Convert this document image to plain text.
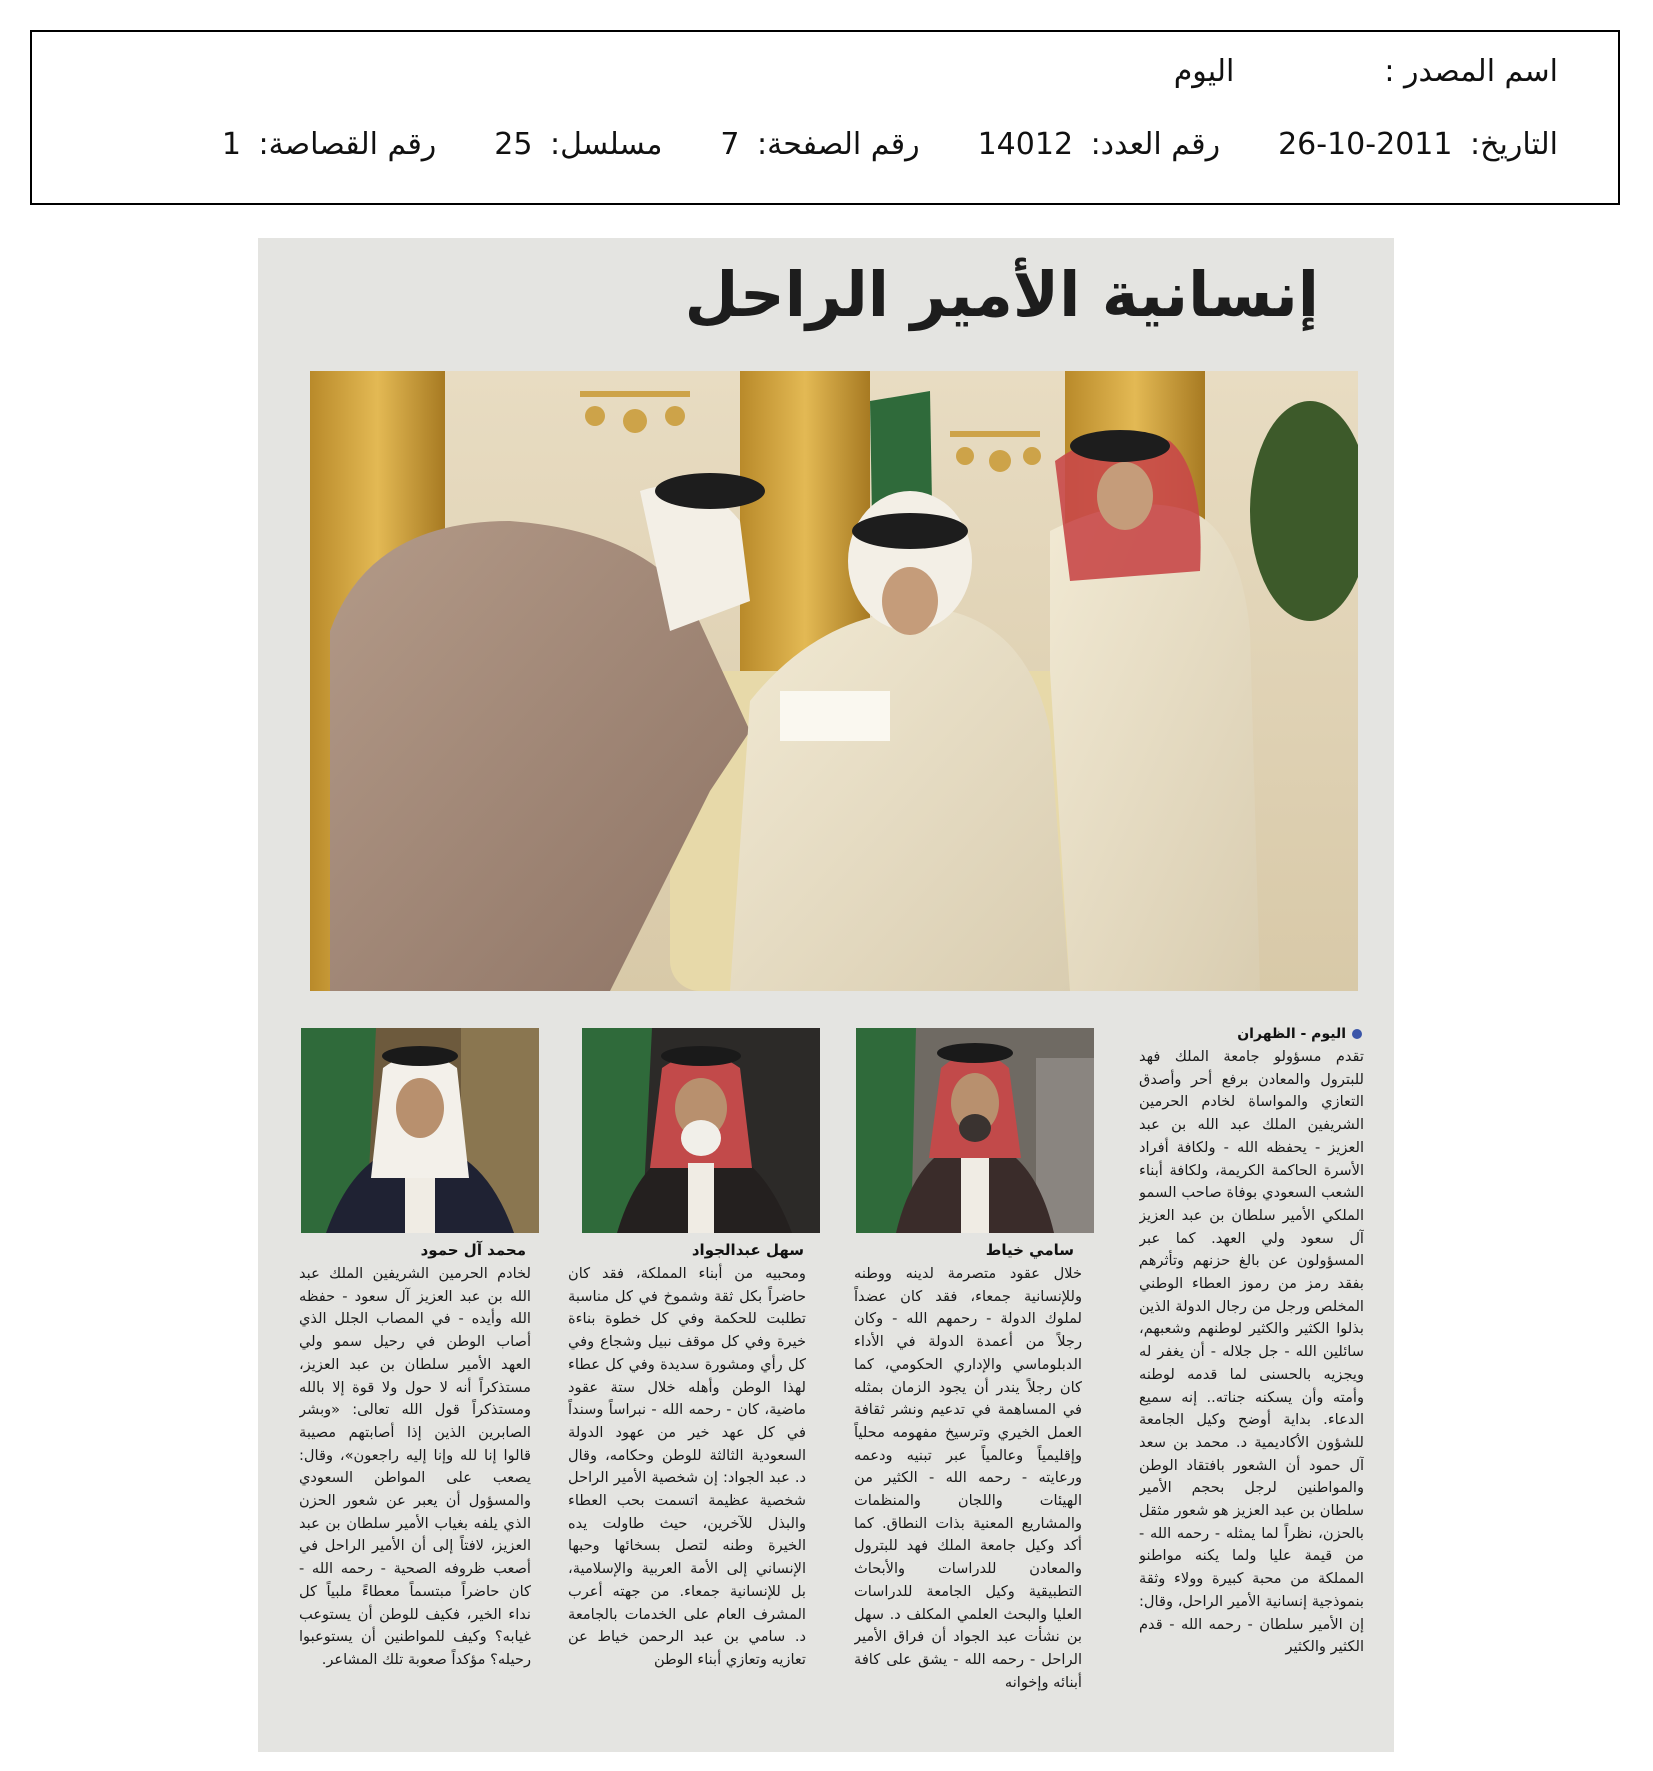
اسم المصدر :
اليوم
التاريخ: 2011-10-26
رقم العدد: 14012
رقم الصفحة: 7
مسلسل: 25
رقم القصاصة: 1
إنسانية الأمير الراحل
سامي خياط
سهل عبدالجواد
محمد آل حمود
اليوم - الظهران

تقدم مسؤولو جامعة الملك فهد للبترول والمعادن برفع أحر وأصدق التعازي والمواساة لخادم الحرمين الشريفين الملك عبد الله بن عبد العزيز - يحفظه الله - ولكافة أفراد الأسرة الحاكمة الكريمة، ولكافة أبناء الشعب السعودي بوفاة صاحب السمو الملكي الأمير سلطان بن عبد العزيز آل سعود ولي العهد. كما عبر المسؤولون عن بالغ حزنهم وتأثرهم بفقد رمز من رموز العطاء الوطني المخلص ورجل من رجال الدولة الذين بذلوا الكثير والكثير لوطنهم وشعبهم، سائلين الله - جل جلاله - أن يغفر له ويجزيه بالحسنى لما قدمه لوطنه وأمته وأن يسكنه جناته.. إنه سميع الدعاء. بداية أوضح وكيل الجامعة للشؤون الأكاديمية د. محمد بن سعد آل حمود أن الشعور بافتقاد الوطن والمواطنين لرجل بحجم الأمير سلطان بن عبد العزيز هو شعور مثقل بالحزن، نظراً لما يمثله - رحمه الله - من قيمة عليا ولما يكنه مواطنو المملكة من محبة كبيرة وولاء وثقة بنموذجية إنسانية الأمير الراحل، وقال: إن الأمير سلطان - رحمه الله - قدم الكثير والكثير

خلال عقود متصرمة لدينه ووطنه وللإنسانية جمعاء، فقد كان عضداً لملوك الدولة - رحمهم الله - وكان رجلاً من أعمدة الدولة في الأداء الدبلوماسي والإداري الحكومي، كما كان رجلاً يندر أن يجود الزمان بمثله في المساهمة في تدعيم ونشر ثقافة العمل الخيري وترسيخ مفهومه محلياً وإقليمياً وعالمياً عبر تبنيه ودعمه ورعايته - رحمه الله - الكثير من الهيئات واللجان والمنظمات والمشاريع المعنية بذات النطاق. كما أكد وكيل جامعة الملك فهد للبترول والمعادن للدراسات والأبحاث التطبيقية وكيل الجامعة للدراسات العليا والبحث العلمي المكلف د. سهل بن نشأت عبد الجواد أن فراق الأمير الراحل - رحمه الله - يشق على كافة أبنائه وإخوانه

ومحبيه من أبناء المملكة، فقد كان حاضراً بكل ثقة وشموخ في كل مناسبة تطلبت للحكمة وفي كل خطوة بناءة خيرة وفي كل موقف نبيل وشجاع وفي كل رأي ومشورة سديدة وفي كل عطاء لهذا الوطن وأهله خلال ستة عقود ماضية، كان - رحمه الله - نبراساً وسنداً في كل عهد خير من عهود الدولة السعودية الثالثة للوطن وحكامه، وقال د. عبد الجواد: إن شخصية الأمير الراحل شخصية عظيمة اتسمت بحب العطاء والبذل للآخرين، حيث طاولت يده الخيرة وطنه لتصل بسخائها وحبها الإنساني إلى الأمة العربية والإسلامية، بل للإنسانية جمعاء. من جهته أعرب المشرف العام على الخدمات بالجامعة د. سامي بن عبد الرحمن خياط عن تعازيه وتعازي أبناء الوطن

لخادم الحرمين الشريفين الملك عبد الله بن عبد العزيز آل سعود - حفظه الله وأيده - في المصاب الجلل الذي أصاب الوطن في رحيل سمو ولي العهد الأمير سلطان بن عبد العزيز، مستذكراً أنه لا حول ولا قوة إلا بالله ومستذكراً قول الله تعالى: «وبشر الصابرين الذين إذا أصابتهم مصيبة قالوا إنا لله وإنا إليه راجعون»، وقال: يصعب على المواطن السعودي والمسؤول أن يعبر عن شعور الحزن الذي يلفه بغياب الأمير سلطان بن عبد العزيز، لافتاً إلى أن الأمير الراحل في أصعب ظروفه الصحية - رحمه الله - كان حاضراً مبتسماً معطاءً ملبياً كل نداء الخير، فكيف للوطن أن يستوعب غيابه؟ وكيف للمواطنين أن يستوعبوا رحيله؟ مؤكداً صعوبة تلك المشاعر.
